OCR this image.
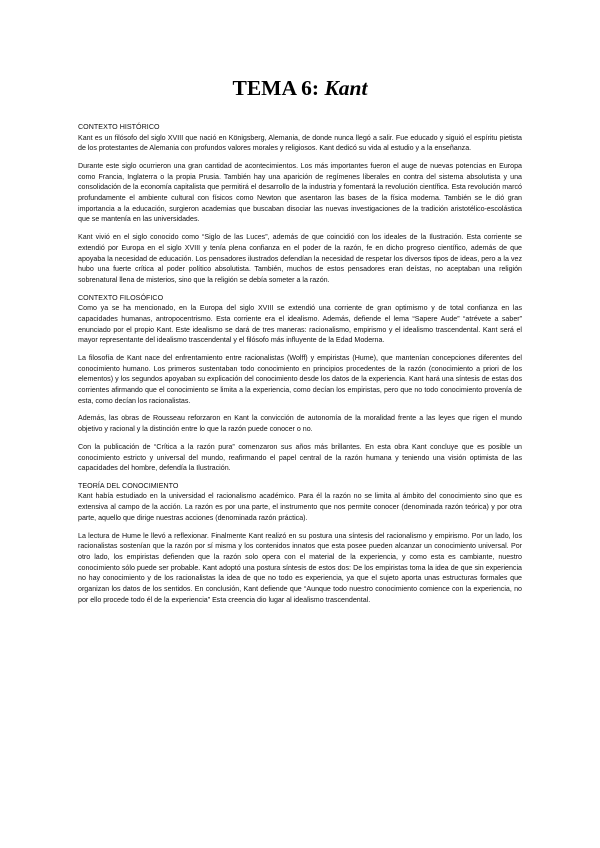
TEMA 6: Kant

CONTEXTO HISTÓRICO

Kant es un filósofo del siglo XVIII que nació en Königsberg, Alemania, de donde nunca llegó a salir. Fue educado y siguió el espíritu pietista de los protestantes de Alemania con profundos valores morales y religiosos. Kant dedicó su vida al estudio y a la enseñanza.

Durante este siglo ocurrieron una gran cantidad de acontecimientos. Los más importantes fueron el auge de nuevas potencias en Europa como Francia, Inglaterra o la propia Prusia. También hay una aparición de regímenes liberales en contra del sistema absolutista y una consolidación de la economía capitalista que permitirá el desarrollo de la industria y fomentará la revolución científica. Esta revolución marcó profundamente el ambiente cultural con físicos como Newton que asentaron las bases de la física moderna. También se le dió gran importancia a la educación, surgieron academias que buscaban disociar las nuevas investigaciones de la tradición aristotélico-escolástica que se mantenía en las universidades.

Kant vivió en el siglo conocido como “Siglo de las Luces”, además de que coincidió con los ideales de la Ilustración. Esta corriente se extendió por Europa en el siglo XVIII y tenía plena confianza en el poder de la razón, fe en dicho progreso científico, además de que apoyaba la necesidad de educación. Los pensadores ilustrados defendían la necesidad de respetar los diversos tipos de ideas, pero a la vez hubo una fuerte crítica al poder político absolutista. También, muchos de estos pensadores eran deístas, no aceptaban una religión sobrenatural llena de misterios, sino que la religión se debía someter a la razón.

CONTEXTO FILOSÓFICO

Como ya se ha mencionado, en la Europa del siglo XVIII se extendió una corriente de gran optimismo y de total confianza en las capacidades humanas, antropocentrismo. Esta corriente era el idealismo. Además, defiende el lema “Sapere Aude” “atrévete a saber” enunciado por el propio Kant. Este idealismo se dará de tres maneras: racionalismo, empirismo y el idealismo trascendental. Kant será el mayor representante del idealismo trascendental y el filósofo más influyente de la Edad Moderna.

La filosofía de Kant nace del enfrentamiento entre racionalistas (Wolff) y empiristas (Hume), que mantenían concepciones diferentes del conocimiento humano. Los primeros sustentaban todo conocimiento en principios procedentes de la razón (conocimiento a priori de los elementos) y los segundos apoyaban su explicación del conocimiento desde los datos de la experiencia. Kant hará una síntesis de estas dos corrientes afirmando que el conocimiento se limita a la experiencia, como decían los empiristas, pero que no todo conocimiento provenía de esta, como decían los racionalistas.

Además, las obras de Rousseau reforzaron en Kant la convicción de autonomía de la moralidad frente a las leyes que rigen el mundo objetivo y racional y la distinción entre lo que la razón puede conocer o no.

Con la publicación de “Crítica a la razón pura” comenzaron sus años más brillantes. En esta obra Kant concluye que es posible un conocimiento estricto y universal del mundo, reafirmando el papel central de la razón humana y teniendo una visión optimista de las capacidades del hombre, defendía la Ilustración.

TEORÍA DEL CONOCIMIENTO

Kant había estudiado en la universidad el racionalismo académico. Para él la razón no se limita al ámbito del conocimiento sino que es extensiva al campo de la acción. La razón es por una parte, el instrumento que nos permite conocer (denominada razón teórica) y por otra parte, aquello que dirige nuestras acciones (denominada razón práctica).

La lectura de Hume le llevó a reflexionar. Finalmente Kant realizó en su postura una síntesis del racionalismo y empirismo. Por un lado, los racionalistas sostenían que la razón por sí misma y los contenidos innatos que esta posee pueden alcanzar un conocimiento universal. Por otro lado, los empiristas defienden que la razón solo opera con el material de la experiencia, y como esta es cambiante, nuestro conocimiento sólo puede ser probable. Kant adoptó una postura síntesis de estos dos: De los empiristas toma la idea de que sin experiencia no hay conocimiento y de los racionalistas la idea de que no todo es experiencia, ya que el sujeto aporta unas estructuras formales que organizan los datos de los sentidos. En conclusión, Kant defiende que “Aunque todo nuestro conocimiento comience con la experiencia, no por ello procede todo él de la experiencia” Esta creencia dio lugar al idealismo trascendental.
